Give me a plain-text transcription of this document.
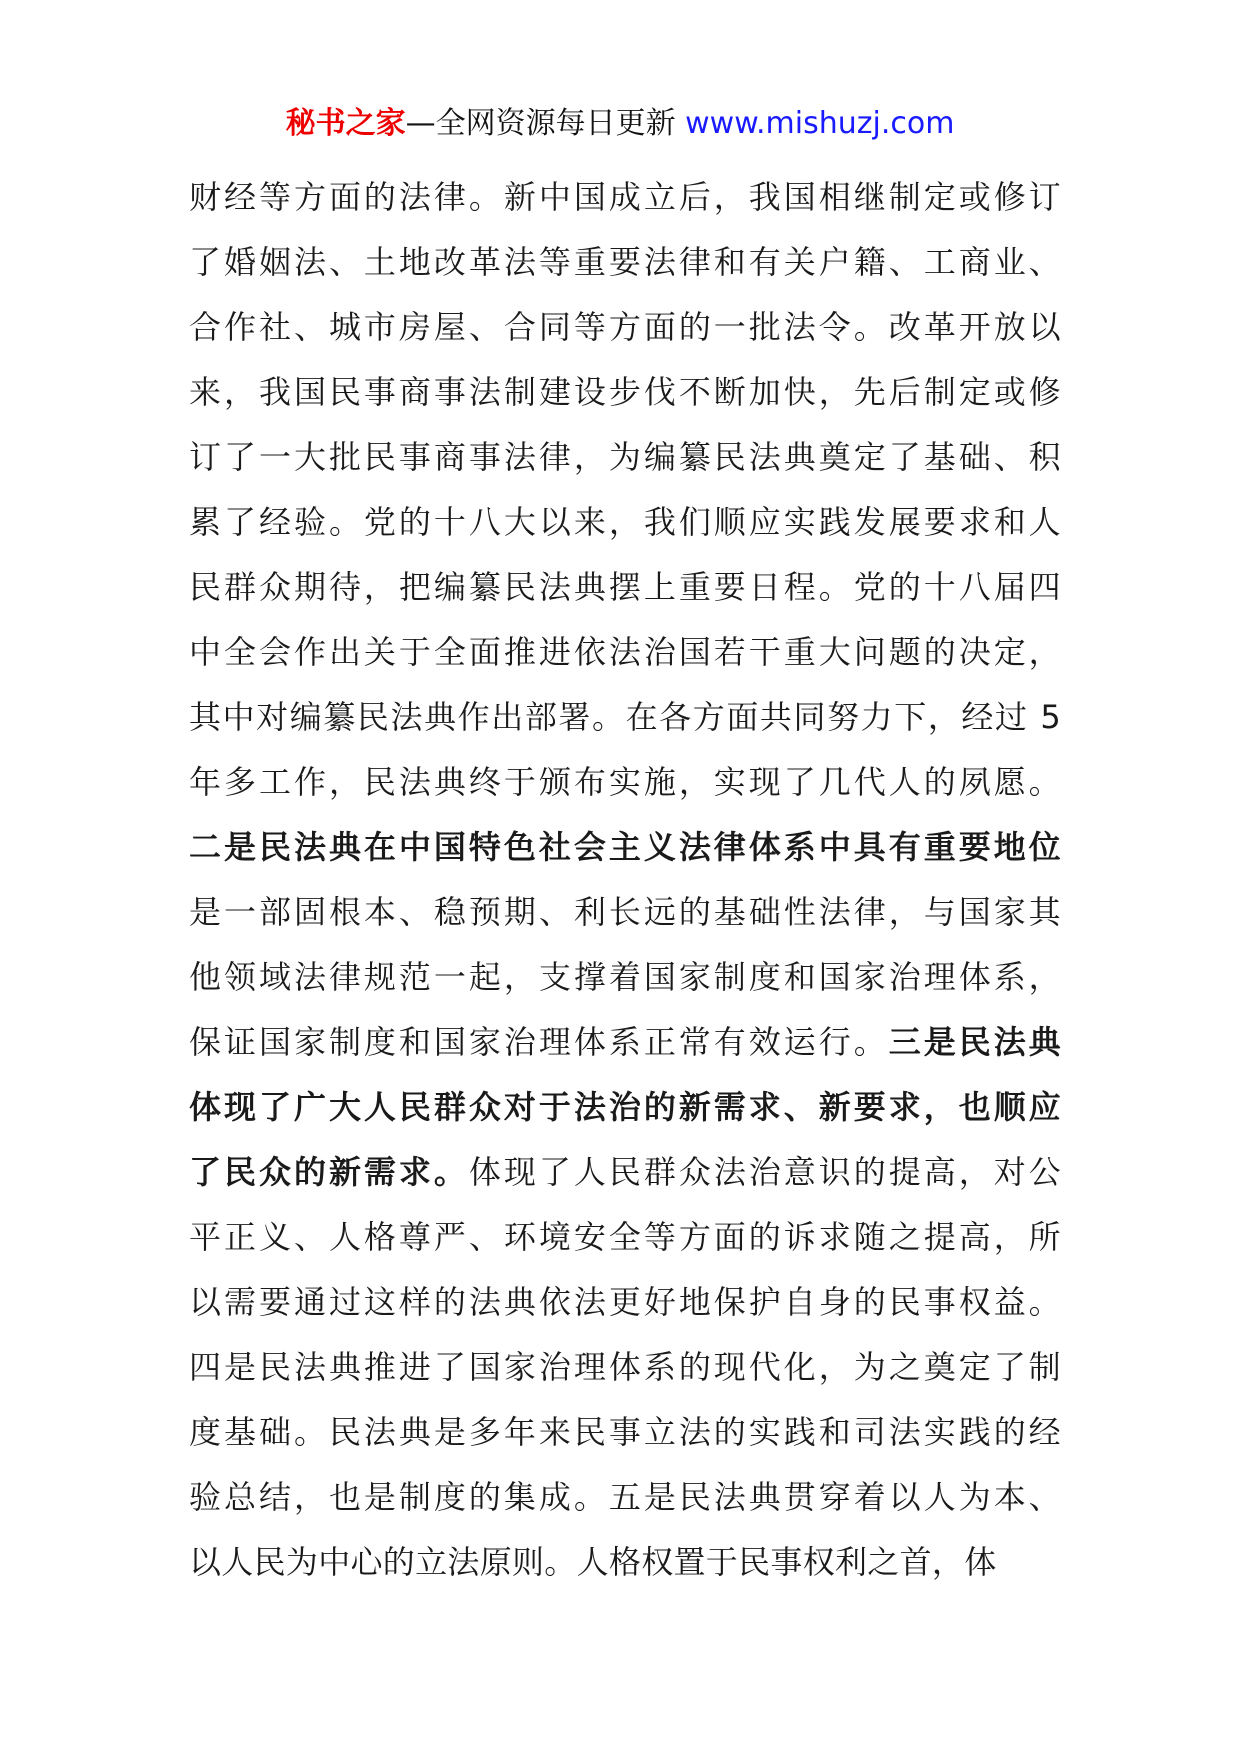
秘书之家—全网资源每日更新 www.mishuzj.com
财经等方面的法律。新中国成立后，我国相继制定或修订
了婚姻法、土地改革法等重要法律和有关户籍、工商业、
合作社、城市房屋、合同等方面的一批法令。改革开放以
来，我国民事商事法制建设步伐不断加快，先后制定或修
订了一大批民事商事法律，为编纂民法典奠定了基础、积
累了经验。党的十八大以来，我们顺应实践发展要求和人
民群众期待，把编纂民法典摆上重要日程。党的十八届四
中全会作出关于全面推进依法治国若干重大问题的决定，
其中对编纂民法典作出部署。在各方面共同努力下，经过 5
年多工作，民法典终于颁布实施，实现了几代人的夙愿。
二是民法典在中国特色社会主义法律体系中具有重要地位
是一部固根本、稳预期、利长远的基础性法律，与国家其
他领域法律规范一起，支撑着国家制度和国家治理体系，
保证国家制度和国家治理体系正常有效运行。三是民法典
体现了广大人民群众对于法治的新需求、新要求，也顺应
了民众的新需求。体现了人民群众法治意识的提高，对公
平正义、人格尊严、环境安全等方面的诉求随之提高，所
以需要通过这样的法典依法更好地保护自身的民事权益。
四是民法典推进了国家治理体系的现代化，为之奠定了制
度基础。民法典是多年来民事立法的实践和司法实践的经
验总结，也是制度的集成。五是民法典贯穿着以人为本、
以人民为中心的立法原则。人格权置于民事权利之首，体
